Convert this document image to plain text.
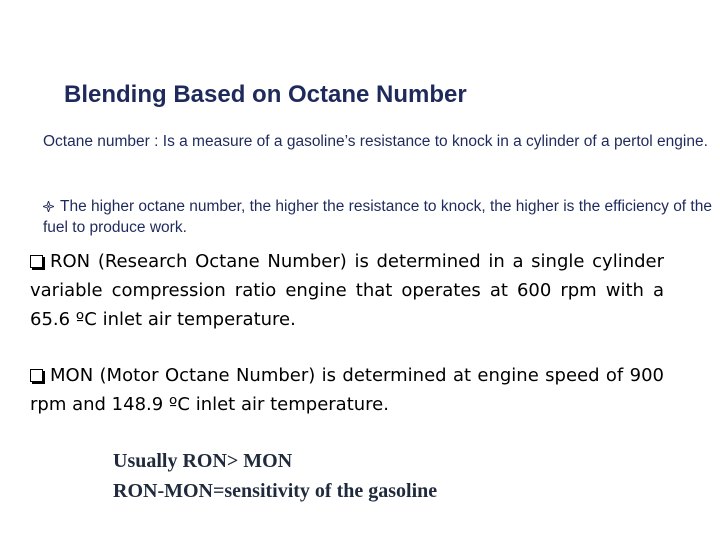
Blending Based on Octane Number
Octane number : Is a measure of a gasoline’s resistance to knock in a cylinder of a pertol engine.
The higher octane number, the higher the resistance to knock, the higher is the efficiency of the fuel to produce work.
RON (Research Octane Number) is determined in a single cylinder variable compression ratio engine that operates at 600 rpm with a 65.6 ºC inlet air temperature.
MON (Motor Octane Number) is determined at engine speed of 900 rpm and 148.9 ºC inlet air temperature.
Usually RON> MON
RON-MON=sensitivity of the gasoline
